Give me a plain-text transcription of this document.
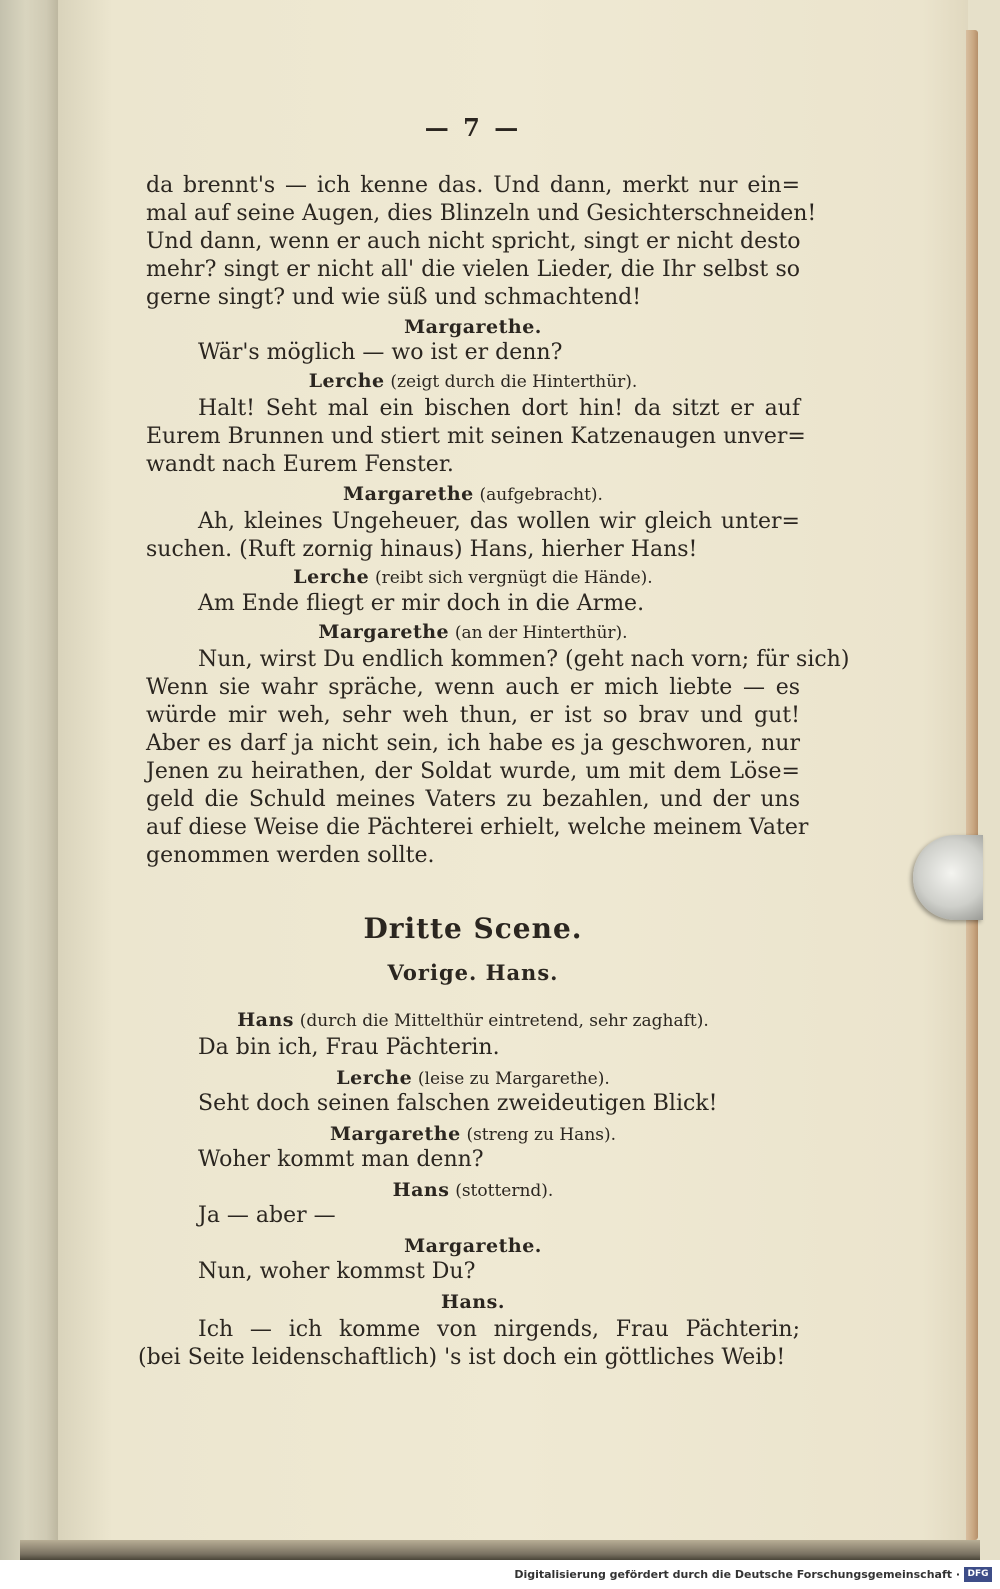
— 7 —
da brennt's — ich kenne das. Und dann, merkt nur ein=
mal auf seine Augen, dies Blinzeln und Gesichterschneiden!
Und dann, wenn er auch nicht spricht, singt er nicht desto
mehr? singt er nicht all' die vielen Lieder, die Ihr selbst so
gerne singt? und wie süß und schmachtend!
Margarethe.
Wär's möglich — wo ist er denn?
Lerche (zeigt durch die Hinterthür).
Halt! Seht mal ein bischen dort hin! da sitzt er auf
Eurem Brunnen und stiert mit seinen Katzenaugen unver=
wandt nach Eurem Fenster.
Margarethe (aufgebracht).
Ah, kleines Ungeheuer, das wollen wir gleich unter=
suchen. (Ruft zornig hinaus) Hans, hierher Hans!
Lerche (reibt sich vergnügt die Hände).
Am Ende fliegt er mir doch in die Arme.
Margarethe (an der Hinterthür).
Nun, wirst Du endlich kommen? (geht nach vorn; für sich)
Wenn sie wahr spräche, wenn auch er mich liebte — es
würde mir weh, sehr weh thun, er ist so brav und gut!
Aber es darf ja nicht sein, ich habe es ja geschworen, nur
Jenen zu heirathen, der Soldat wurde, um mit dem Löse=
geld die Schuld meines Vaters zu bezahlen, und der uns
auf diese Weise die Pächterei erhielt, welche meinem Vater
genommen werden sollte.
Dritte Scene.
Vorige. Hans.
Hans (durch die Mittelthür eintretend, sehr zaghaft).
Da bin ich, Frau Pächterin.
Lerche (leise zu Margarethe).
Seht doch seinen falschen zweideutigen Blick!
Margarethe (streng zu Hans).
Woher kommt man denn?
Hans (stotternd).
Ja — aber —
Margarethe.
Nun, woher kommst Du?
Hans.
Ich — ich komme von nirgends, Frau Pächterin;
(bei Seite leidenschaftlich) 's ist doch ein göttliches Weib!
Digitalisierung gefördert durch die Deutsche Forschungsgemeinschaft · DFG
